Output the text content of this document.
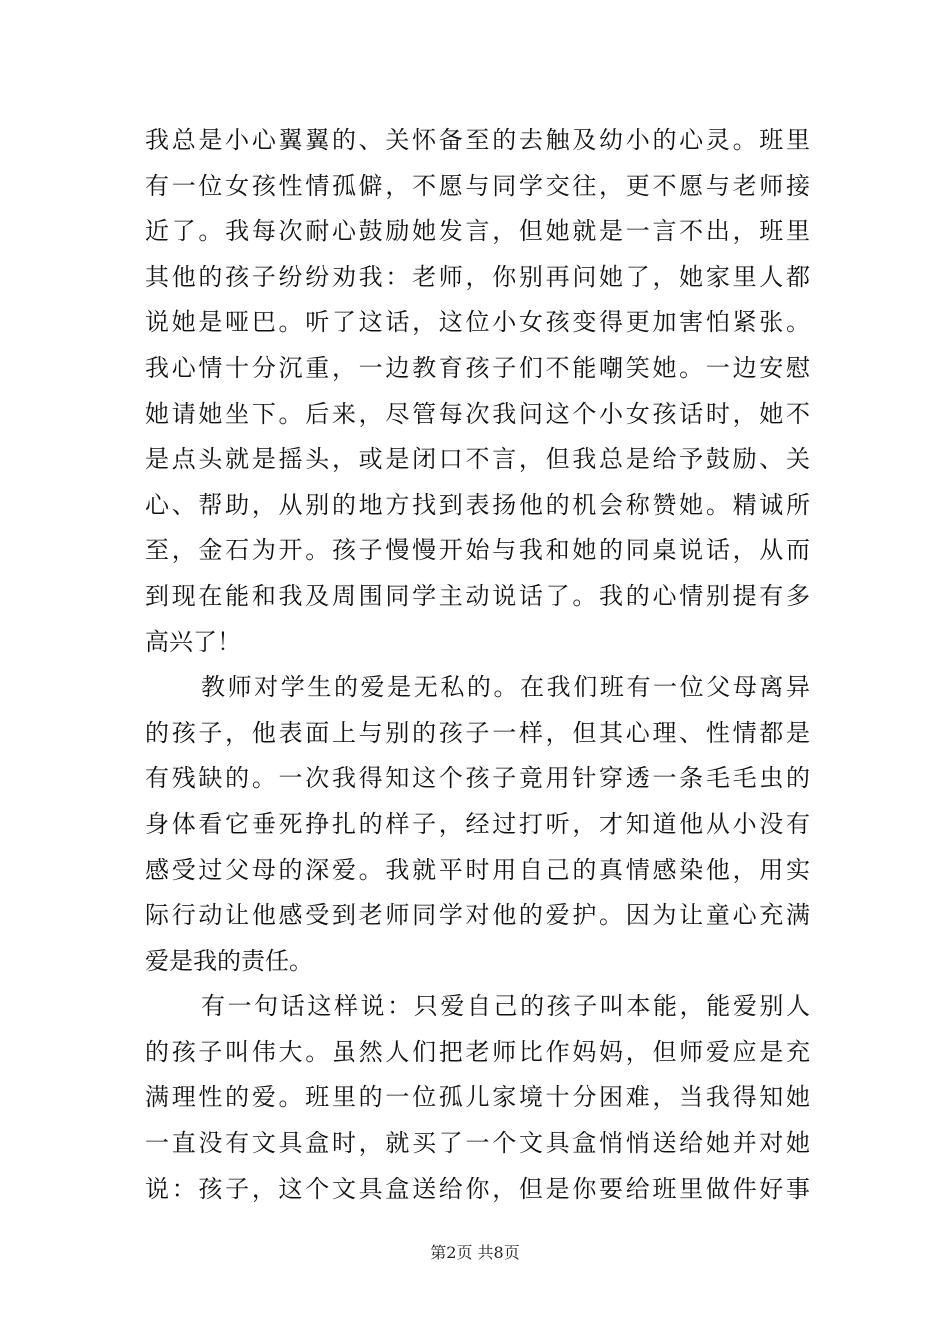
我总是小心翼翼的、关怀备至的去触及幼小的心灵。班里
有一位女孩性情孤僻，不愿与同学交往，更不愿与老师接
近了。我每次耐心鼓励她发言，但她就是一言不出，班里
其他的孩子纷纷劝我：老师，你别再问她了，她家里人都
说她是哑巴。听了这话，这位小女孩变得更加害怕紧张。
我心情十分沉重，一边教育孩子们不能嘲笑她。一边安慰
她请她坐下。后来，尽管每次我问这个小女孩话时，她不
是点头就是摇头，或是闭口不言，但我总是给予鼓励、关
心、帮助，从别的地方找到表扬他的机会称赞她。精诚所
至，金石为开。孩子慢慢开始与我和她的同桌说话，从而
到现在能和我及周围同学主动说话了。我的心情别提有多
高兴了！
教师对学生的爱是无私的。在我们班有一位父母离异
的孩子，他表面上与别的孩子一样，但其心理、性情都是
有残缺的。一次我得知这个孩子竟用针穿透一条毛毛虫的
身体看它垂死挣扎的样子，经过打听，才知道他从小没有
感受过父母的深爱。我就平时用自己的真情感染他，用实
际行动让他感受到老师同学对他的爱护。因为让童心充满
爱是我的责任。
有一句话这样说：只爱自己的孩子叫本能，能爱别人
的孩子叫伟大。虽然人们把老师比作妈妈，但师爱应是充
满理性的爱。班里的一位孤儿家境十分困难，当我得知她
一直没有文具盒时，就买了一个文具盒悄悄送给她并对她
说：孩子，这个文具盒送给你，但是你要给班里做件好事
第2页 共8页
